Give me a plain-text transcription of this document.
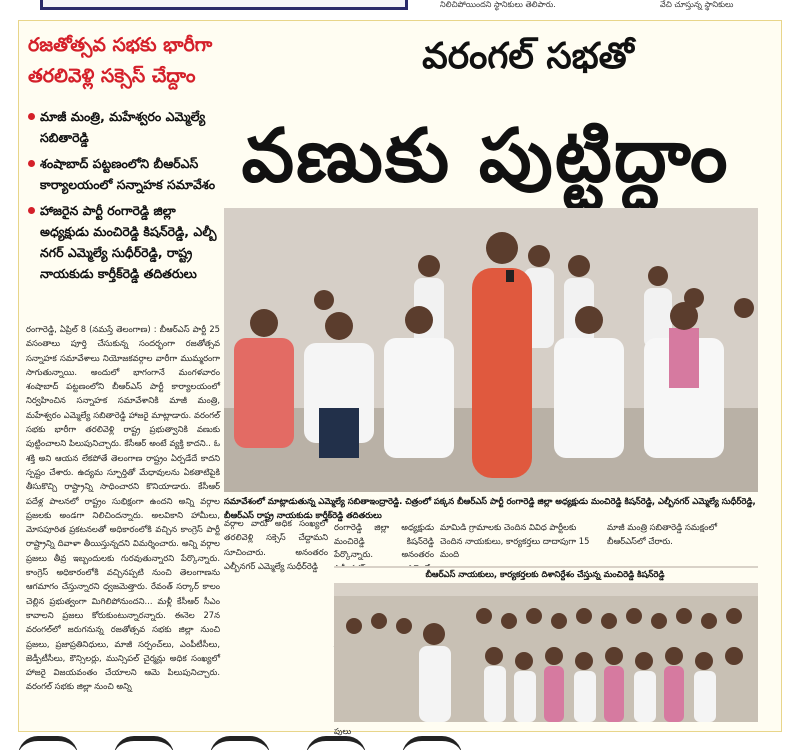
నిలిచిపోయిందని స్థానికులు తెలిపారు.	వేచి చూస్తున్న స్థానికులు
రజతోత్సవ సభకు భారీగా తరలివెళ్లి సక్సెస్ చేద్దాం	వరంగల్ సభతో
వణుకు పుట్టిద్దాం
మాజీ మంత్రి, మహేశ్వరం ఎమ్మెల్యే సబితారెడ్డి
శంషాబాద్ పట్టణంలోని బీఆర్ఎస్ కార్యాలయంలో సన్నాహక సమావేశం
హాజరైన పార్టీ రంగారెడ్డి జిల్లా అధ్యక్షుడు మంచిరెడ్డి కిషన్‌రెడ్డి, ఎల్బీ నగర్ ఎమ్మెల్యే సుధీర్‌రెడ్డి, రాష్ట్ర నాయకుడు కార్తీక్‌రెడ్డి తదితరులు
రంగారెడ్డి, ఏప్రిల్ 8 (నమస్తే తెలంగాణ) : బీఆర్ఎస్ పార్టీ 25 వసంతాలు పూర్తి చేసుకున్న సందర్భంగా రజతోత్సవ సన్నాహక సమావేశాలు నియోజకవర్గాల వారీగా ముమ్మరంగా సాగుతున్నాయి. అందులో భాగంగానే మంగళవారం శంషాబాద్ పట్టణంలోని బీఆర్ఎస్ పార్టీ కార్యాలయంలో నిర్వహించిన సన్నాహక సమావేశానికి మాజీ మంత్రి, మహేశ్వరం ఎమ్మెల్యే సబితారెడ్డి హాజరై మాట్లాడారు. వరంగల్ సభకు భారీగా తరలివెళ్లి రాష్ట్ర ప్రభుత్వానికి వణుకు పుట్టించాలని పిలుపునిచ్చారు. కేసీఆర్ అంటే వ్యక్తి కాదని.. ఓ శక్తి అని ఆయన లేకపోతే తెలంగాణ రాష్ట్రం ఏర్పడేదే కాదని స్పష్టం చేశారు. ఉద్యమ స్ఫూర్తితో మేధావులను ఏకతాటిపైకి తీసుకొచ్చి రాష్ట్రాన్ని సాధించారని కొనియాడారు. కేసీఆర్ పదేళ్ల పాలనలో రాష్ట్రం సుభిక్షంగా ఉందని అన్ని వర్గాల ప్రజలకు అండగా నిలిచిందన్నారు. అలవికాని హామీలు, మోసపూరిత ప్రకటనలతో అధికారంలోకి వచ్చిన కాంగ్రెస్ పార్టీ రాష్ట్రాన్ని దివాళా తీయిస్తున్నదని విమర్శించారు. అన్ని వర్గాల ప్రజలు తీవ్ర ఇబ్బందులకు గురవుతున్నారని పేర్కొన్నారు. కాంగ్రెస్ అధికారంలోకి వచ్చినప్పటి నుంచి తెలంగాణను ఆగమాగం చేస్తున్నారని ధ్వజమెత్తారు. రేవంత్ సర్కార్ కాలం చెల్లిన ప్రభుత్వంగా మిగిలిపోనుందని... మళ్లీ కేసీఆర్ సీఎం కావాలని ప్రజలు కోరుకుంటున్నారన్నారు. ఈనెల 27న వరంగల్‌లో జరుగనున్న రజతోత్సవ సభకు జిల్లా నుంచి ప్రజలు, ప్రజాప్రతినిధులు, మాజీ సర్పంచ్‌లు, ఎంపీటీసీలు, జెడ్పీటీసీలు, కౌన్సిలర్లు, మున్సిపల్ చైర్మన్లు అధిక సంఖ్యలో హాజరై విజయవంతం చేయాలని ఆమె పిలుపునిచ్చారు. వరంగల్ సభకు జిల్లా నుంచి అన్ని
సమావేశంలో మాట్లాడుతున్న ఎమ్మెల్యే సబితాఇంద్రారెడ్డి. చిత్రంలో పక్కన బీఆర్ఎస్ పార్టీ రంగారెడ్డి జిల్లా అధ్యక్షుడు మంచిరెడ్డి కిషన్‌రెడ్డి, ఎల్బీనగర్ ఎమ్మెల్యే సుధీర్‌రెడ్డి, బీఆర్ఎస్ రాష్ట్ర నాయకుడు కార్తీక్‌రెడ్డి తదితరులు
వర్గాల వారు అధిక సంఖ్యలో తరలివెళ్లి సక్సెస్ చేద్దామని సూచించారు. అనంతరం ఎల్బీనగర్ ఎమ్మెల్యే సుధీర్‌రెడ్డి
రంగారెడ్డి జిల్లా అధ్యక్షుడు మంచిరెడ్డి కిషన్‌రెడ్డి పేర్కొన్నారు. అనంతరం పులు
మామిడి గ్రామాలకు చెందిన వివిధ పార్టీలకు చెందిన నాయకులు, కార్యకర్తలు దాదాపుగా 15 మంది
మాజీ మంత్రి సబితారెడ్డి సమక్షంలో బీఆర్ఎస్‌లో చేరారు.
బీఆర్ఎస్ నాయకులు, కార్యకర్తలకు దిశానిర్దేశం చేస్తున్న మంచిరెడ్డి కిషన్‌రెడ్డి
